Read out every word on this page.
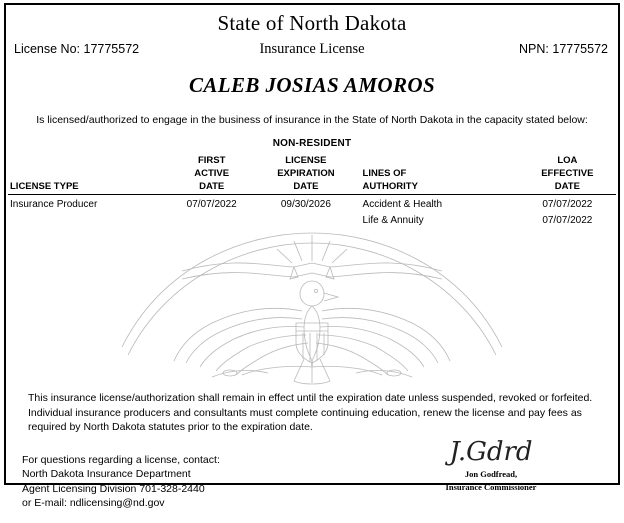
State of North Dakota
License No: 17775572	Insurance License	NPN: 17775572
CALEB JOSIAS AMOROS
Is licensed/authorized to engage in the business of insurance in the State of North Dakota in the capacity stated below:
NON-RESIDENT
	FIRST	LICENSE		LOA
	ACTIVE	EXPIRATION	LINES OF	EFFECTIVE
LICENSE TYPE	DATE	DATE	AUTHORITY	DATE
Insurance Producer	07/07/2022	09/30/2026	Accident & Health	07/07/2022
			Life & Annuity	07/07/2022
This insurance license/authorization shall remain in effect until the expiration date unless suspended, revoked or forfeited. Individual insurance producers and consultants must complete continuing education, renew the license and pay fees as required by North Dakota statutes prior to the expiration date.
For questions regarding a license, contact:
North Dakota Insurance Department
Agent Licensing Division 701-328-2440
or E-mail: ndlicensing@nd.gov
J.Gdrd
Jon Godfread,
Insurance Commissioner
